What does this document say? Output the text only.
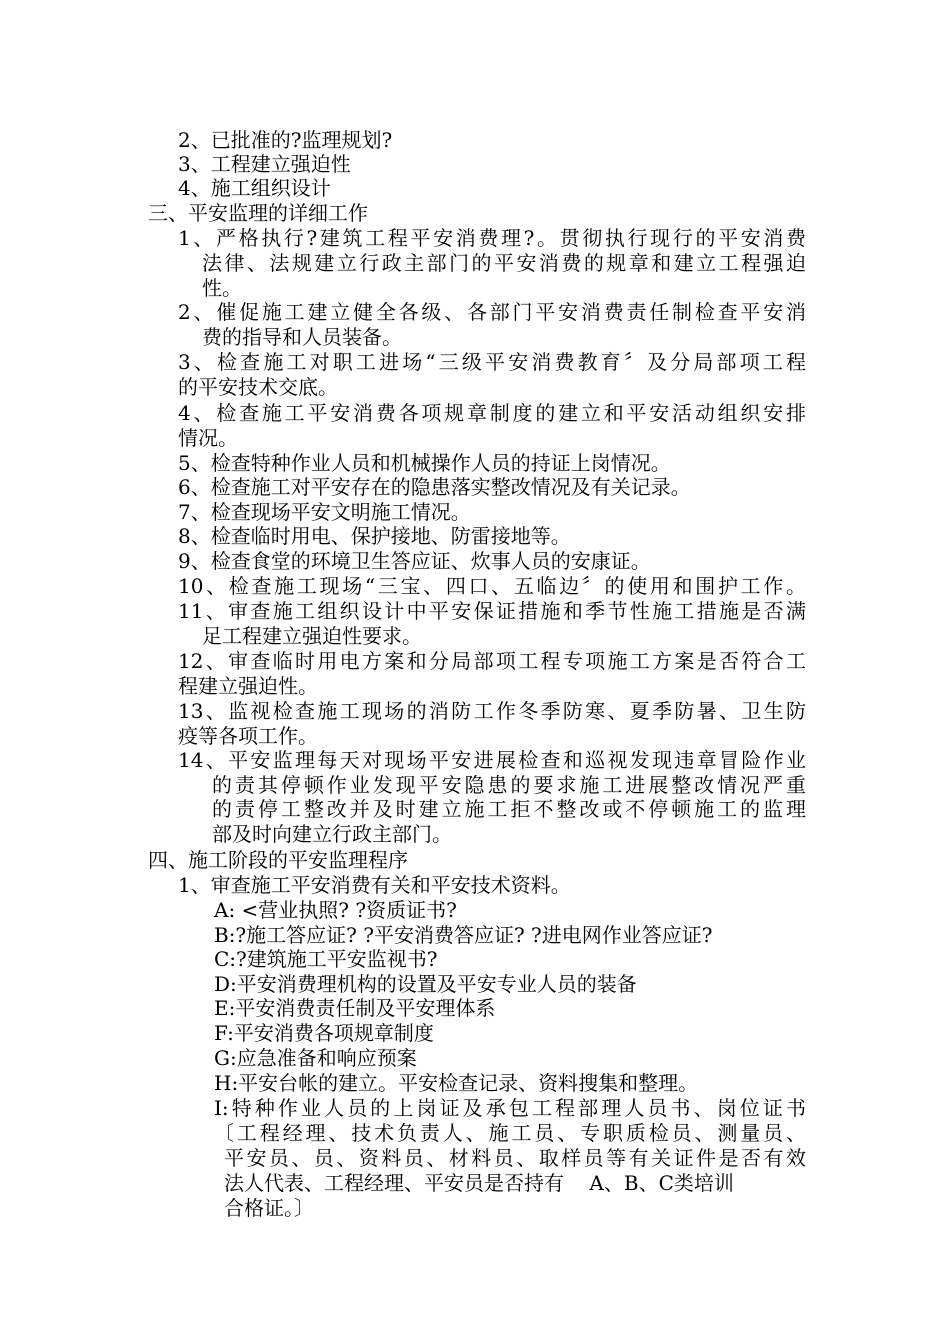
2、已批准的?监理规划?

3、工程建立强迫性

4、施工组织设计

三、平安监理的详细工作

1、严格执行?建筑工程平安消费理?。贯彻执行现行的平安消费

法律、法规建立行政主部门的平安消费的规章和建立工程强迫

性。

2、催促施工建立健全各级、各部门平安消费责任制检查平安消

费的指导和人员装备。

3、检查施工对职工进场“三级平安消费教育〞及分局部项工程

的平安技术交底。

4、检查施工平安消费各项规章制度的建立和平安活动组织安排

情况。

5、检查特种作业人员和机械操作人员的持证上岗情况。

6、检查施工对平安存在的隐患落实整改情况及有关记录。

7、检查现场平安文明施工情况。

8、检查临时用电、保护接地、防雷接地等。

9、检查食堂的环境卫生答应证、炊事人员的安康证。

10、检查施工现场“三宝、四口、五临边〞的使用和围护工作。

11、审查施工组织设计中平安保证措施和季节性施工措施是否满

足工程建立强迫性要求。

12、审查临时用电方案和分局部项工程专项施工方案是否符合工

程建立强迫性。

13、监视检查施工现场的消防工作冬季防寒、夏季防暑、卫生防

疫等各项工作。

14、平安监理每天对现场平安进展检查和巡视发现违章冒险作业

的责其停顿作业发现平安隐患的要求施工进展整改情况严重

的责停工整改并及时建立施工拒不整改或不停顿施工的监理

部及时向建立行政主部门。

四、施工阶段的平安监理程序

1、审查施工平安消费有关和平安技术资料。

A: <营业执照? ?资质证书?

B:?施工答应证? ?平安消费答应证? ?进电网作业答应证?

C:?建筑施工平安监视书?

D:平安消费理机构的设置及平安专业人员的装备

E:平安消费责任制及平安理体系

F:平安消费各项规章制度

G:应急准备和响应预案

H:平安台帐的建立。平安检查记录、资料搜集和整理。

I:特种作业人员的上岗证及承包工程部理人员书、岗位证书

〔工程经理、技术负责人、施工员、专职质检员、测量员、

平安员、员、资料员、材料员、取样员等有关证件是否有效

法人代表、工程经理、平安员是否持有    A、B、C类培训

合格证。〕
